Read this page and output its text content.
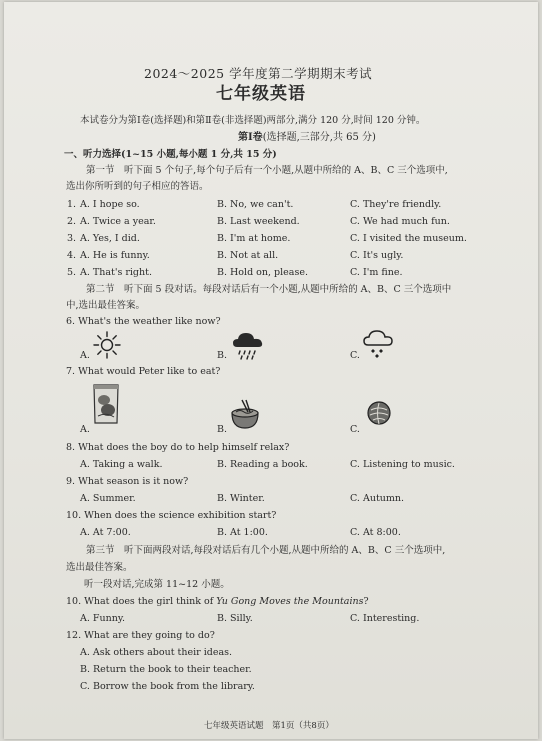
2024～2025 学年度第二学期期末考试
七年级英语
本试卷分为第Ⅰ卷(选择题)和第Ⅱ卷(非选择题)两部分,满分 120 分,时间 120 分钟。
第Ⅰ卷(选择题,三部分,共 65 分)
一、听力选择(1~15 小题,每小题 1 分,共 15 分)
第一节　听下面 5 个句子,每个句子后有一个小题,从题中所给的 A、B、C 三个选项中,
选出你所听到的句子相应的答语。
1. A. I hope so.	B. No, we can't.	C. They're friendly.
2. A. Twice a year.	B. Last weekend.	C. We had much fun.
3. A. Yes, I did.	B. I'm at home.	C. I visited the museum.
4. A. He is funny.	B. Not at all.	C. It's ugly.
5. A. That's right.	B. Hold on, please.	C. I'm fine.
第二节　听下面 5 段对话。每段对话后有一个小题,从题中所给的 A、B、C 三个选项中
中,选出最佳答案。
6. What's the weather like now?
A.	B.	C.
7. What would Peter like to eat?
A.	B.	C.
8. What does the boy do to help himself relax?
A. Taking a walk.	B. Reading a book.	C. Listening to music.
9. What season is it now?
A. Summer.	B. Winter.	C. Autumn.
10. When does the science exhibition start?
A. At 7:00.	B. At 1:00.	C. At 8:00.
第三节　听下面两段对话,每段对话后有几个小题,从题中所给的 A、B、C 三个选项中,
选出最佳答案。
听一段对话,完成第 11~12 小题。
10. What does the girl think of Yu Gong Moves the Mountains?
A. Funny.	B. Silly.	C. Interesting.
12. What are they going to do?
A. Ask others about their ideas.
B. Return the book to their teacher.
C. Borrow the book from the library.
七年级英语试题　第1页（共8页）
